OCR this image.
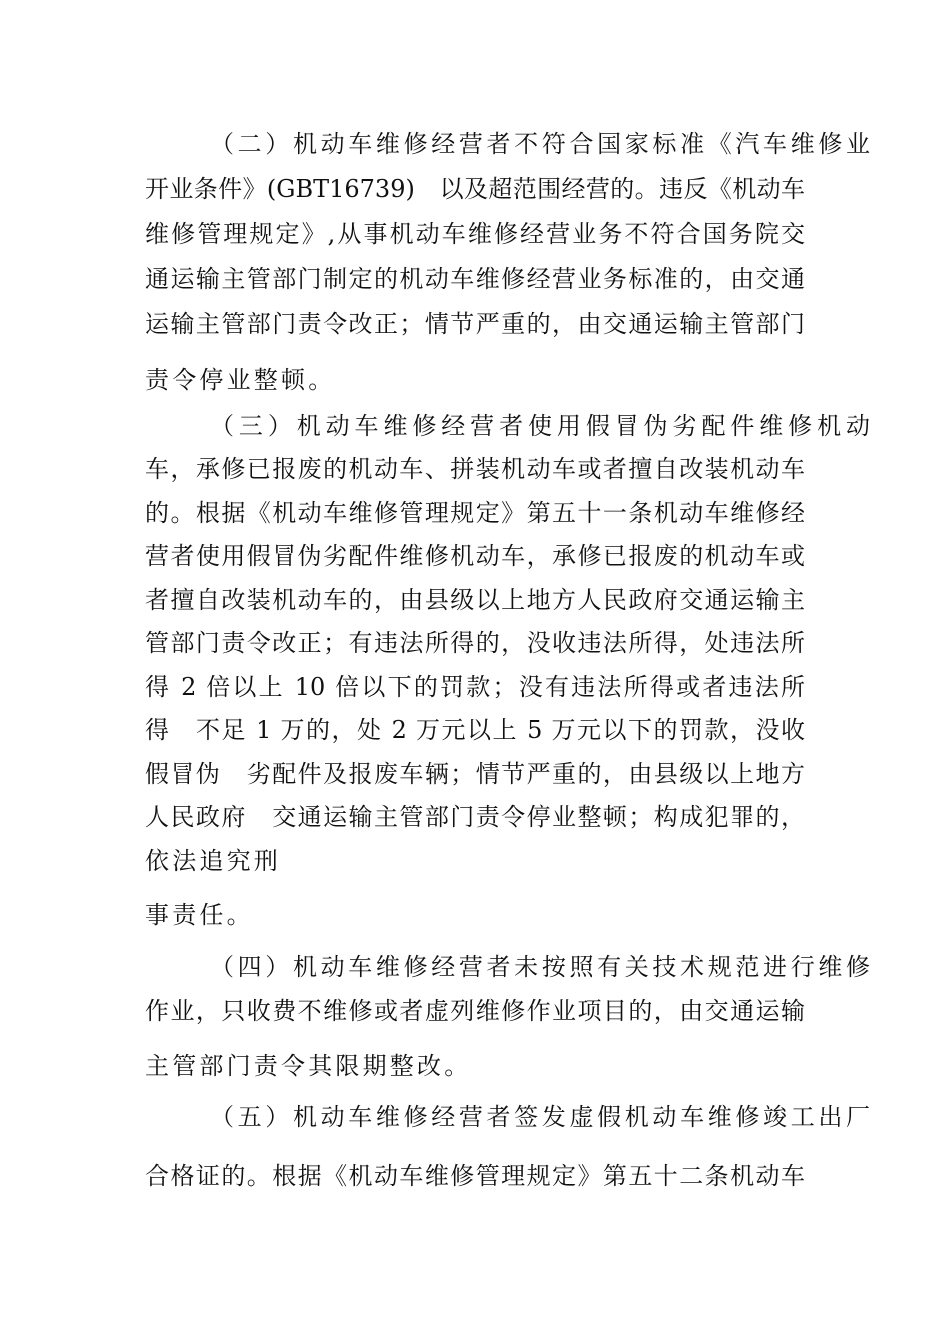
（二）机动车维修经营者不符合国家标准《汽车维修业
开业条件》(GBT16739)　以及超范围经营的。违反《机动车
维修管理规定》,从事机动车维修经营业务不符合国务院交
通运输主管部门制定的机动车维修经营业务标准的，由交通
运输主管部门责令改正；情节严重的，由交通运输主管部门
责令停业整顿。
（三）机动车维修经营者使用假冒伪劣配件维修机动
车，承修已报废的机动车、拼装机动车或者擅自改装机动车
的。根据《机动车维修管理规定》第五十一条机动车维修经
营者使用假冒伪劣配件维修机动车，承修已报废的机动车或
者擅自改装机动车的，由县级以上地方人民政府交通运输主
管部门责令改正；有违法所得的，没收违法所得，处违法所
得 2 倍以上 10 倍以下的罚款；没有违法所得或者违法所
得　不足 1 万的，处 2 万元以上 5 万元以下的罚款，没收
假冒伪　劣配件及报废车辆；情节严重的，由县级以上地方
人民政府　交通运输主管部门责令停业整顿；构成犯罪的，
依法追究刑
事责任。
（四）机动车维修经营者未按照有关技术规范进行维修
作业，只收费不维修或者虚列维修作业项目的，由交通运输
主管部门责令其限期整改。
（五）机动车维修经营者签发虚假机动车维修竣工出厂
合格证的。根据《机动车维修管理规定》第五十二条机动车
